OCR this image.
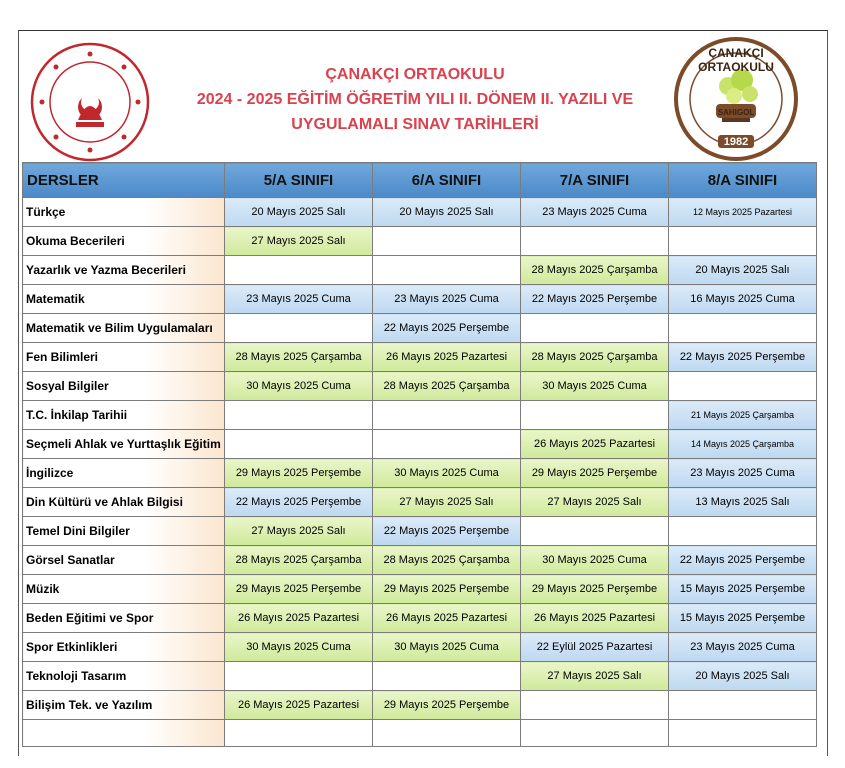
ÇANAKÇI ORTAOKULU
SAHIGOL
1982
ÇANAKÇI ORTAOKULU
2024 - 2025 EĞİTİM ÖĞRETİM YILI II. DÖNEM II. YAZILI VE
UYGULAMALI SINAV TARİHLERİ
DERSLER	5/A SINIFI	6/A SINIFI	7/A SINIFI	8/A SINIFI
Türkçe	20 Mayıs 2025 Salı	20 Mayıs 2025 Salı	23 Mayıs 2025 Cuma	12 Mayıs 2025 Pazartesi
Okuma Becerileri	27 Mayıs 2025 Salı			
Yazarlık ve Yazma Becerileri			28 Mayıs 2025 Çarşamba	20 Mayıs 2025 Salı
Matematik	23 Mayıs 2025 Cuma	23 Mayıs 2025 Cuma	22 Mayıs 2025 Perşembe	16 Mayıs 2025 Cuma
Matematik ve Bilim Uygulamaları		22 Mayıs 2025 Perşembe		
Fen Bilimleri	28 Mayıs 2025 Çarşamba	26 Mayıs 2025 Pazartesi	28 Mayıs 2025 Çarşamba	22 Mayıs 2025 Perşembe
Sosyal Bilgiler	30 Mayıs 2025 Cuma	28 Mayıs 2025 Çarşamba	30 Mayıs 2025 Cuma	
T.C. İnkilap Tarihii				21 Mayıs 2025 Çarşamba
Seçmeli Ahlak ve Yurttaşlık Eğitim			26 Mayıs 2025 Pazartesi	14 Mayıs 2025 Çarşamba
İngilizce	29 Mayıs 2025 Perşembe	30 Mayıs 2025 Cuma	29 Mayıs 2025 Perşembe	23 Mayıs 2025 Cuma
Din Kültürü ve Ahlak Bilgisi	22 Mayıs 2025 Perşembe	27 Mayıs 2025 Salı	27 Mayıs 2025 Salı	13 Mayıs 2025 Salı
Temel Dini Bilgiler	27 Mayıs 2025 Salı	22 Mayıs 2025 Perşembe		
Görsel Sanatlar	28 Mayıs 2025 Çarşamba	28 Mayıs 2025 Çarşamba	30 Mayıs 2025 Cuma	22 Mayıs 2025 Perşembe
Müzik	29 Mayıs 2025 Perşembe	29 Mayıs 2025 Perşembe	29 Mayıs 2025 Perşembe	15 Mayıs 2025 Perşembe
Beden Eğitimi ve Spor	26 Mayıs 2025 Pazartesi	26 Mayıs 2025 Pazartesi	26 Mayıs 2025 Pazartesi	15 Mayıs 2025 Perşembe
Spor Etkinlikleri	30 Mayıs 2025 Cuma	30 Mayıs 2025 Cuma	22 Eylül 2025 Pazartesi	23 Mayıs 2025 Cuma
Teknoloji Tasarım			27 Mayıs 2025 Salı	20 Mayıs 2025 Salı
Bilişim Tek. ve Yazılım	26 Mayıs 2025 Pazartesi	29 Mayıs 2025 Perşembe		
